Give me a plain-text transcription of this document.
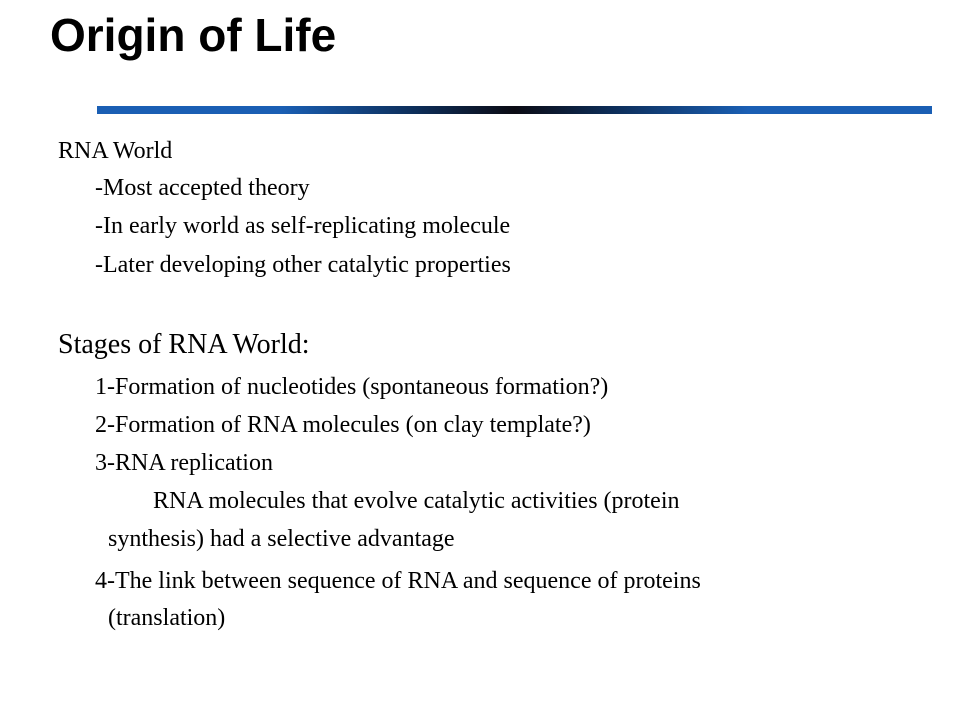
Origin of Life
RNA World
-Most accepted theory
-In early world as self-replicating molecule
-Later developing other catalytic properties
Stages of RNA World:
1-Formation of nucleotides (spontaneous formation?)
2-Formation of RNA molecules (on clay template?)
3-RNA replication
RNA molecules that evolve catalytic activities (protein
synthesis) had a selective advantage
4-The link between sequence of RNA and sequence of proteins
(translation)
